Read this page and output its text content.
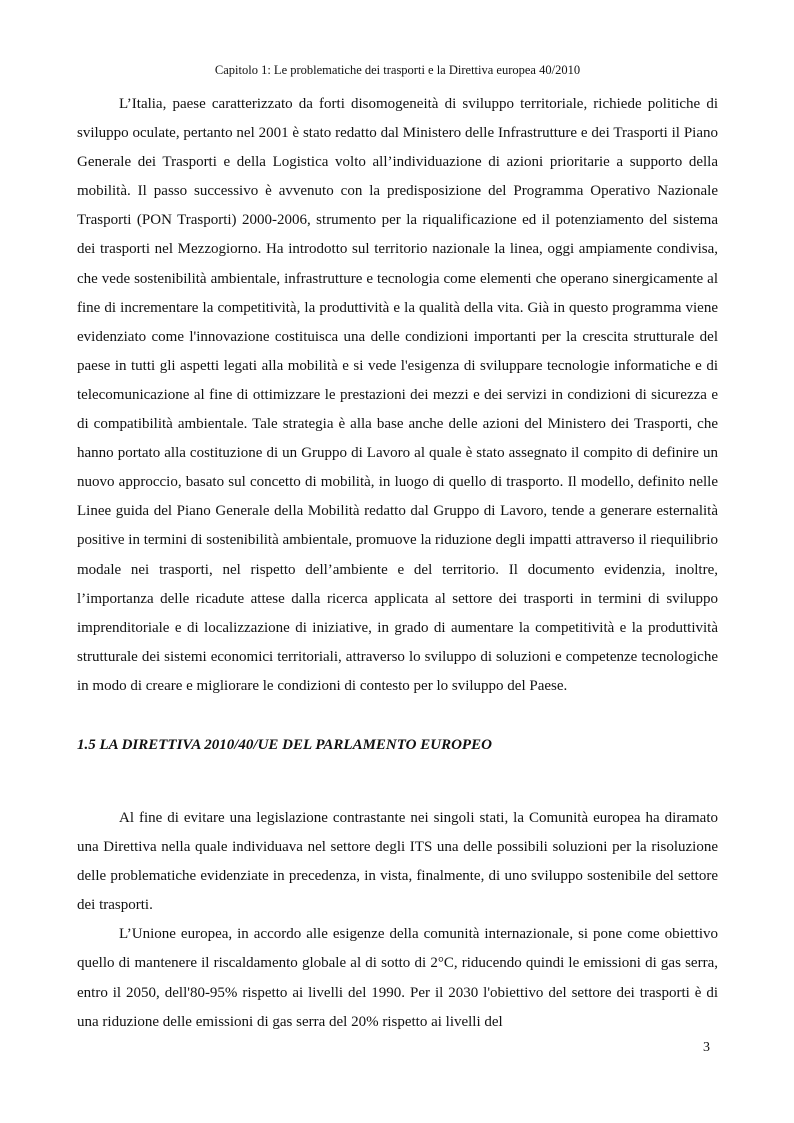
Capitolo 1: Le problematiche dei trasporti e la Direttiva europea 40/2010

L’Italia, paese caratterizzato da forti disomogeneità di sviluppo territoriale, richiede politiche di sviluppo oculate, pertanto nel 2001 è stato redatto dal Ministero delle Infrastrutture e dei Trasporti il Piano Generale dei Trasporti e della Logistica volto all’individuazione di azioni prioritarie a supporto della mobilità. Il passo successivo è avvenuto con la predisposizione del Programma Operativo Nazionale Trasporti (PON Trasporti) 2000-2006, strumento per la riqualificazione ed il potenziamento del sistema dei trasporti nel Mezzogiorno. Ha introdotto sul territorio nazionale la linea, oggi ampiamente condivisa, che vede sostenibilità ambientale, infrastrutture e tecnologia come elementi che operano sinergicamente al fine di incrementare la competitività, la produttività e la qualità della vita. Già in questo programma viene evidenziato come l'innovazione costituisca una delle condizioni importanti per la crescita strutturale del paese in tutti gli aspetti legati alla mobilità e si vede l'esigenza di sviluppare tecnologie informatiche e di telecomunicazione al fine di ottimizzare le prestazioni dei mezzi e dei servizi in condizioni di sicurezza e di compatibilità ambientale. Tale strategia è alla base anche delle azioni del Ministero dei Trasporti, che hanno portato alla costituzione di un Gruppo di Lavoro al quale è stato assegnato il compito di definire un nuovo approccio, basato sul concetto di mobilità, in luogo di quello di trasporto. Il modello, definito nelle Linee guida del Piano Generale della Mobilità redatto dal Gruppo di Lavoro, tende a generare esternalità positive in termini di sostenibilità ambientale, promuove la riduzione degli impatti attraverso il riequilibrio modale nei trasporti, nel rispetto dell’ambiente e del territorio. Il documento evidenzia, inoltre, l’importanza delle ricadute attese dalla ricerca applicata al settore dei trasporti in termini di sviluppo imprenditoriale e di localizzazione di iniziative, in grado di aumentare la competitività e la produttività strutturale dei sistemi economici territoriali, attraverso lo sviluppo di soluzioni e competenze tecnologiche in modo di creare e migliorare le condizioni di contesto per lo sviluppo del Paese.

1.5 LA DIRETTIVA 2010/40/UE DEL PARLAMENTO EUROPEO

Al fine di evitare una legislazione contrastante nei singoli stati, la Comunità europea ha diramato una Direttiva nella quale individuava nel settore degli ITS una delle possibili soluzioni per la risoluzione delle problematiche evidenziate in precedenza, in vista, finalmente, di uno sviluppo sostenibile del settore dei trasporti.

L’Unione europea, in accordo alle esigenze della comunità internazionale, si pone come obiettivo quello di mantenere il riscaldamento globale al di sotto di 2°C, riducendo quindi le emissioni di gas serra, entro il 2050, dell'80-95% rispetto ai livelli del 1990. Per il 2030 l'obiettivo del settore dei trasporti è di una riduzione delle emissioni di gas serra del 20% rispetto ai livelli del

3
